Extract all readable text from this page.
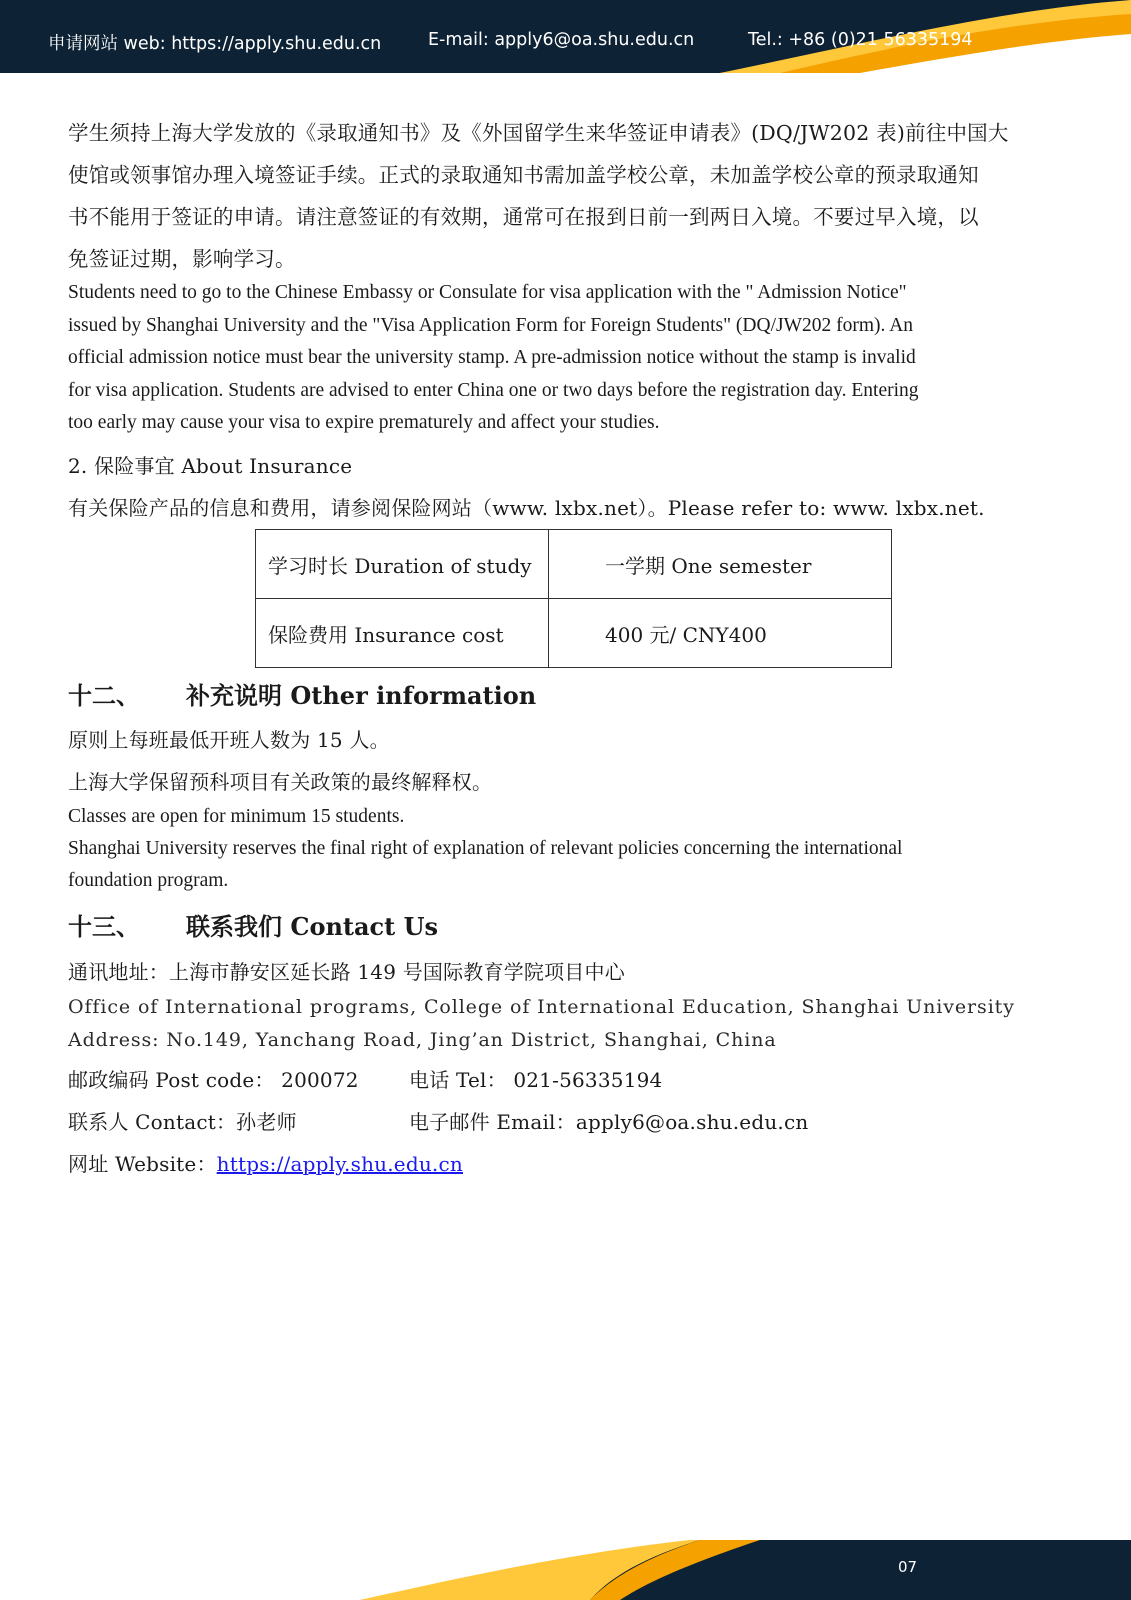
申请网站 web: https://apply.shu.edu.cn	E-mail: apply6@oa.shu.edu.cn	Tel.: +86 (0)21 56335194
学生须持上海大学发放的《录取通知书》及《外国留学生来华签证申请表》(DQ/JW202 表)前往中国大
使馆或领事馆办理入境签证手续。正式的录取通知书需加盖学校公章，未加盖学校公章的预录取通知
书不能用于签证的申请。请注意签证的有效期，通常可在报到日前一到两日入境。不要过早入境，以
免签证过期，影响学习。
Students need to go to the Chinese Embassy or Consulate for visa application with the " Admission Notice"
issued by Shanghai University and the "Visa Application Form for Foreign Students" (DQ/JW202 form). An
official admission notice must bear the university stamp. A pre-admission notice without the stamp is invalid
for visa application. Students are advised to enter China one or two days before the registration day. Entering
too early may cause your visa to expire prematurely and affect your studies.
2. 保险事宜 About Insurance
有关保险产品的信息和费用，请参阅保险网站（www. lxbx.net）。Please refer to: www. lxbx.net.
学习时长 Duration of study	一学期 One semester
保险费用 Insurance cost	400 元/ CNY400
十二、 补充说明 Other information
原则上每班最低开班人数为 15 人。
上海大学保留预科项目有关政策的最终解释权。
Classes are open for minimum 15 students.
Shanghai University reserves the final right of explanation of relevant policies concerning the international
foundation program.
十三、 联系我们 Contact Us
通讯地址：上海市静安区延长路 149 号国际教育学院项目中心
Office of International programs, College of International Education, Shanghai University
Address: No.149, Yanchang Road, Jing’an District, Shanghai, China
邮政编码 Post code： 200072	电话 Tel： 021-56335194
联系人 Contact：孙老师	电子邮件 Email：apply6@oa.shu.edu.cn
网址 Website：https://apply.shu.edu.cn
07
